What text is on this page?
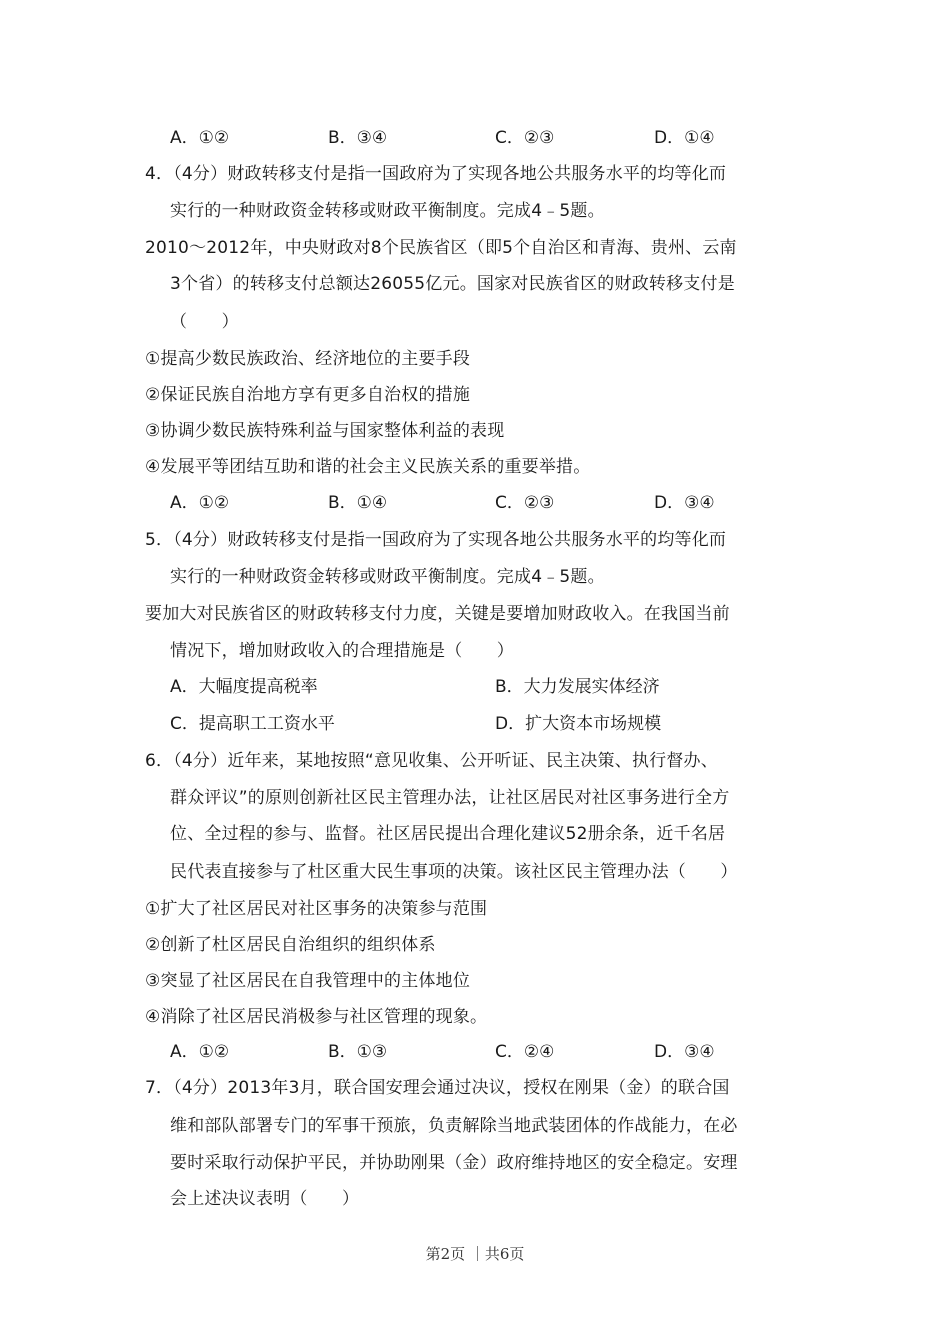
A．①②	B．③④	C．②③	D．①④
4．（4分）财政转移支付是指一国政府为了实现各地公共服务水平的均等化而
实行的一种财政资金转移或财政平衡制度。完成4﹣5题。
2010～2012年，中央财政对8个民族省区（即5个自治区和青海、贵州、云南
3个省）的转移支付总额达26055亿元。国家对民族省区的财政转移支付是
（　　）
①提高少数民族政治、经济地位的主要手段
②保证民族自治地方享有更多自治权的措施
③协调少数民族特殊利益与国家整体利益的表现
④发展平等团结互助和谐的社会主义民族关系的重要举措。
A．①②	B．①④	C．②③	D．③④
5．（4分）财政转移支付是指一国政府为了实现各地公共服务水平的均等化而
实行的一种财政资金转移或财政平衡制度。完成4﹣5题。
要加大对民族省区的财政转移支付力度，关键是要增加财政收入。在我国当前
情况下，增加财政收入的合理措施是（　　）
A．大幅度提高税率	B．大力发展实体经济
C．提高职工工资水平	D．扩大资本市场规模
6．（4分）近年来，某地按照“意见收集、公开听证、民主决策、执行督办、
群众评议”的原则创新社区民主管理办法，让社区居民对社区事务进行全方
位、全过程的参与、监督。社区居民提出合理化建议52册余条，近千名居
民代表直接参与了杜区重大民生事项的决策。该社区民主管理办法（　　）
①扩大了社区居民对社区事务的决策参与范围
②创新了杜区居民自治组织的组织体系
③突显了社区居民在自我管理中的主体地位
④消除了社区居民消极参与社区管理的现象。
A．①②	B．①③	C．②④	D．③④
7．（4分）2013年3月，联合国安理会通过决议，授权在刚果（金）的联合国
维和部队部署专门的军事干预旅，负责解除当地武装团体的作战能力，在必
要时采取行动保护平民，并协助刚果（金）政府维持地区的安全稳定。安理
会上述决议表明（　　）
第2页 ｜共6页
